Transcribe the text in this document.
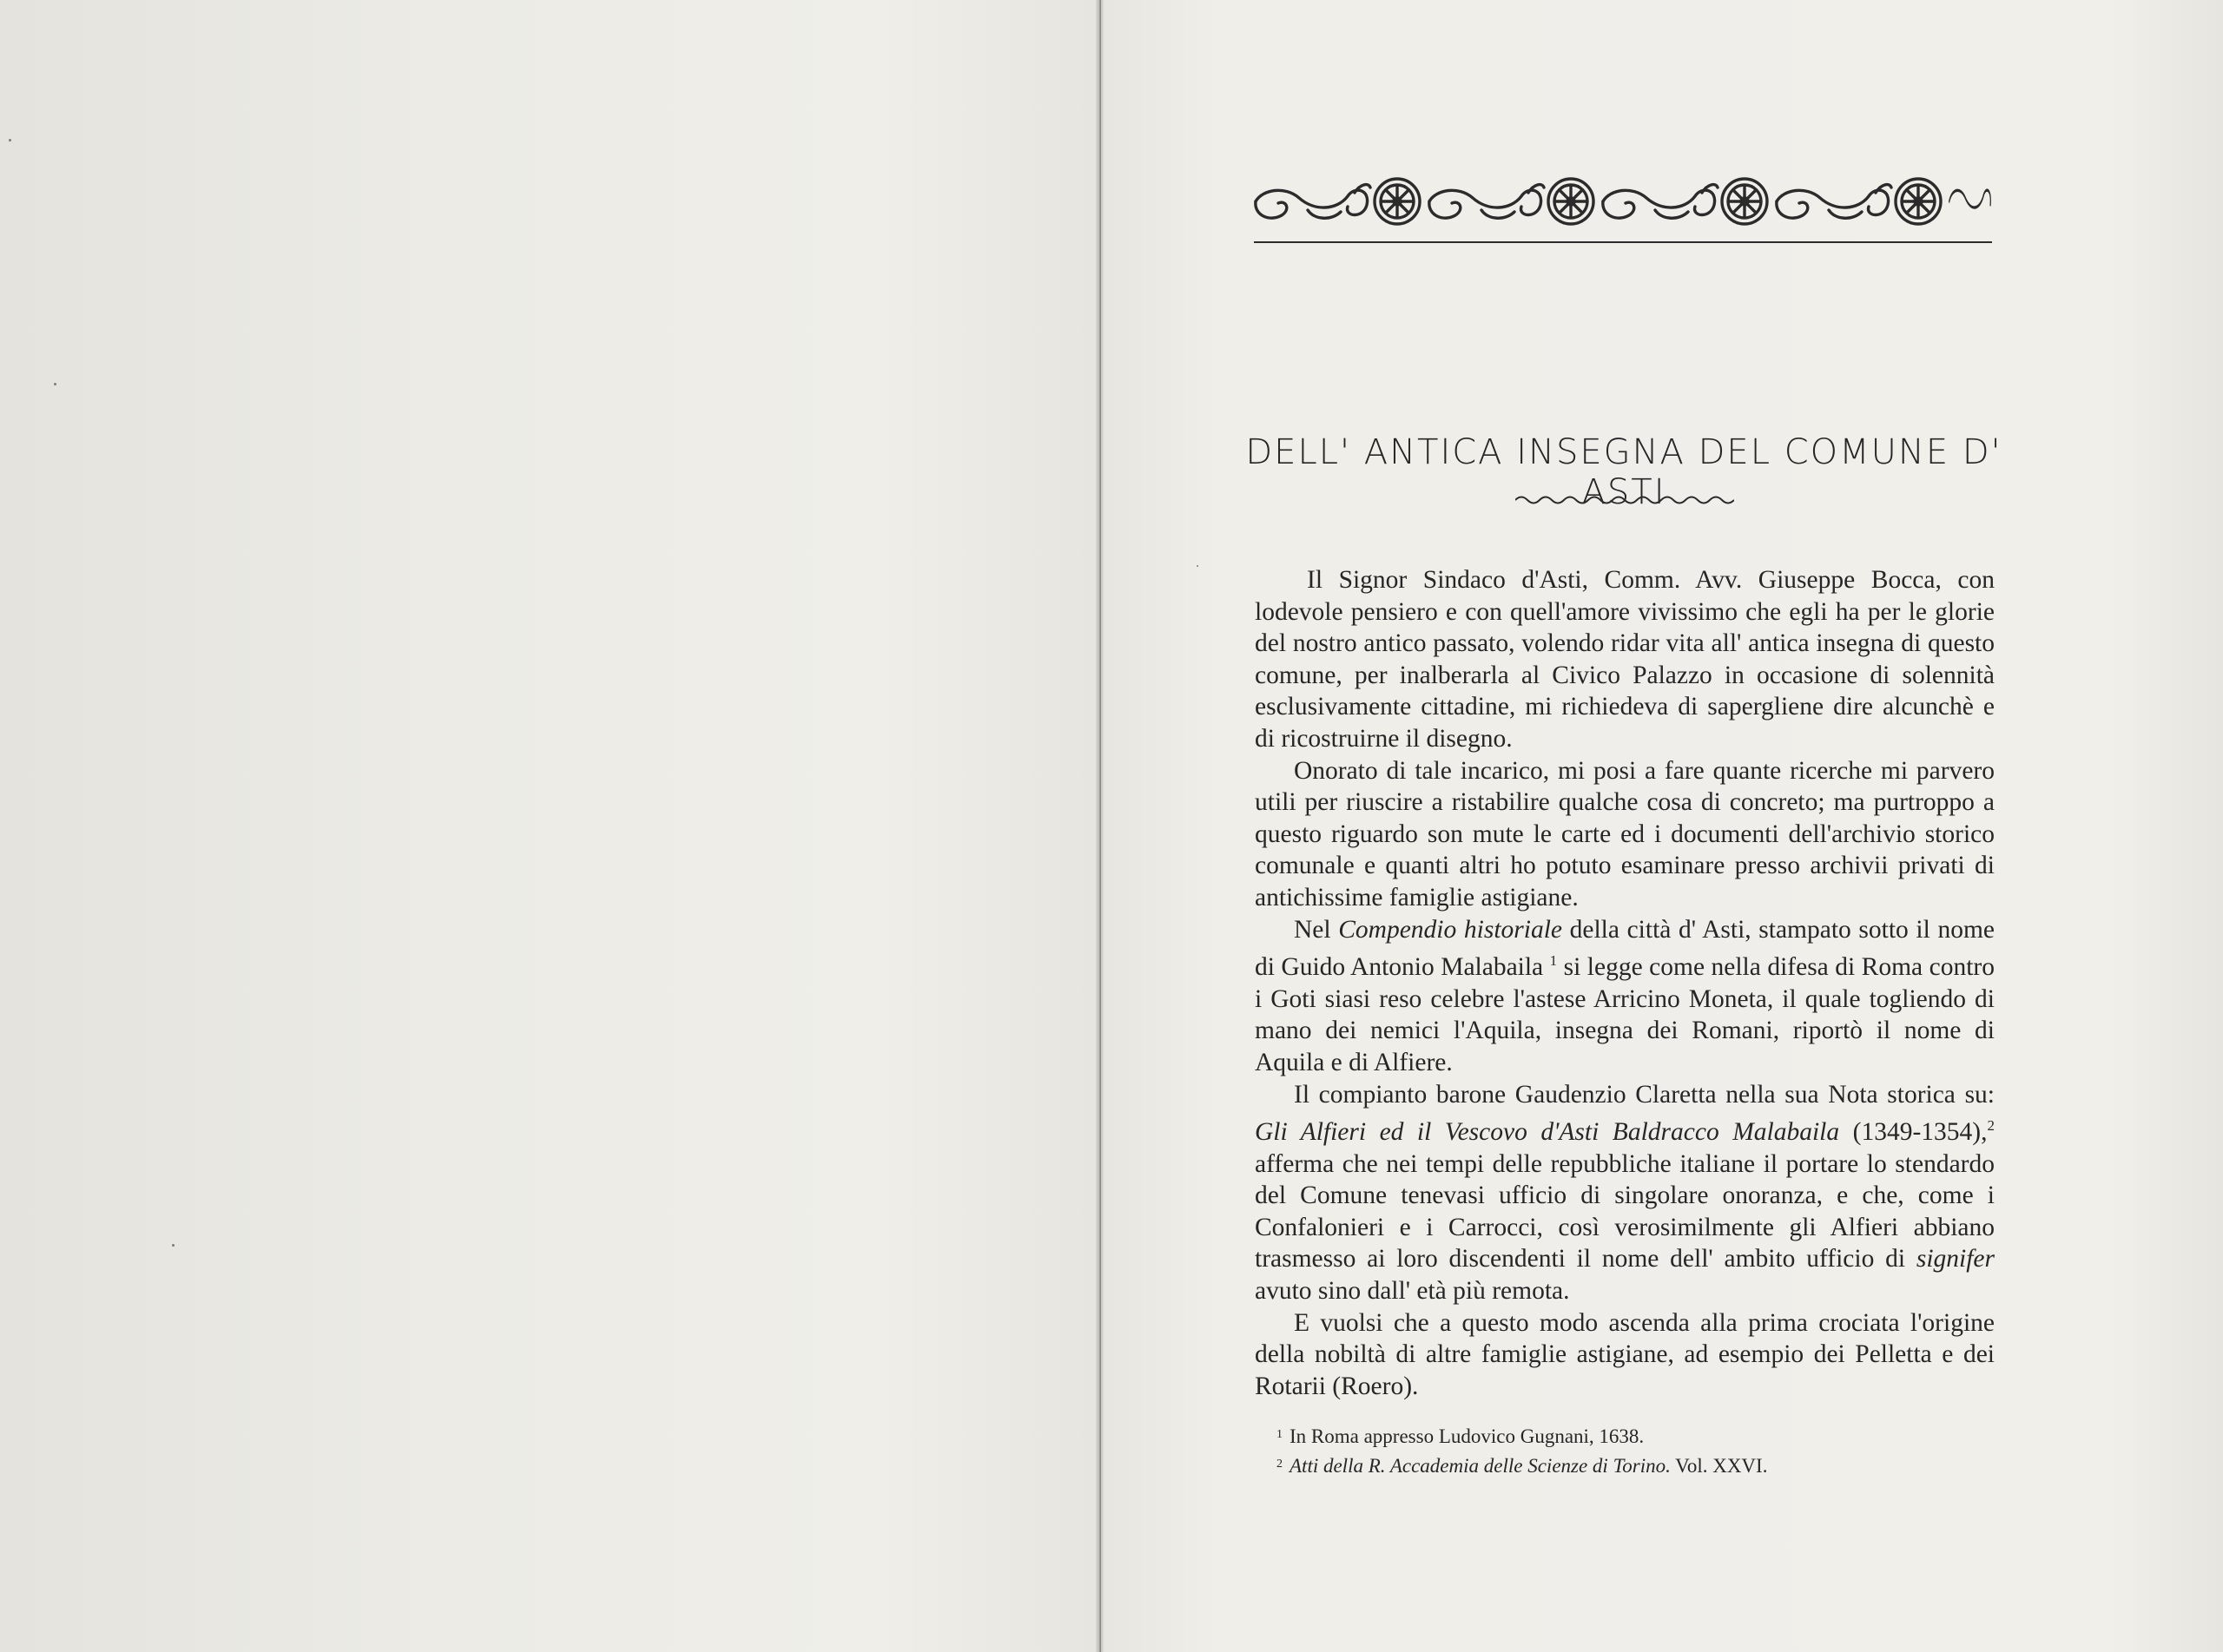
DELL' ANTICA INSEGNA DEL COMUNE D' ASTI

Il Signor Sindaco d'Asti, Comm. Avv. Giuseppe Bocca, con lodevole pensiero e con quell'amore vivissimo che egli ha per le glorie del nostro antico passato, volendo ridar vita all' antica insegna di questo comune, per inalberarla al Civico Palazzo in occasione di solennità esclusivamente cittadine, mi richiedeva di sapergliene dire alcunchè e di ricostruirne il disegno.

Onorato di tale incarico, mi posi a fare quante ricerche mi parvero utili per riuscire a ristabilire qualche cosa di concreto; ma purtroppo a questo riguardo son mute le carte ed i documenti dell'archivio storico comunale e quanti altri ho potuto esaminare presso archivii privati di antichissime famiglie astigiane.

Nel Compendio historiale della città d' Asti, stampato sotto il nome di Guido Antonio Malabaila $^1$ si legge come nella difesa di Roma contro i Goti siasi reso celebre l'astese Arricino Moneta, il quale togliendo di mano dei nemici l'Aquila, insegna dei Romani, riportò il nome di Aquila e di Alfiere.

Il compianto barone Gaudenzio Claretta nella sua Nota storica su: Gli Alfieri ed il Vescovo d'Asti Baldracco Malabaila (1349-1354),$^2$ afferma che nei tempi delle repubbliche italiane il portare lo stendardo del Comune tenevasi ufficio di singolare onoranza, e che, come i Confalonieri e i Carrocci, così verosimilmente gli Alfieri abbiano trasmesso ai loro discendenti il nome dell' ambito ufficio di signifer avuto sino dall' età più remota.

E vuolsi che a questo modo ascenda alla prima crociata l'origine della nobiltà di altre famiglie astigiane, ad esempio dei Pelletta e dei Rotarii (Roero).

$^1$ In Roma appresso Ludovico Gugnani, 1638.
$^2$ Atti della R. Accademia delle Scienze di Torino. Vol. XXVI.
